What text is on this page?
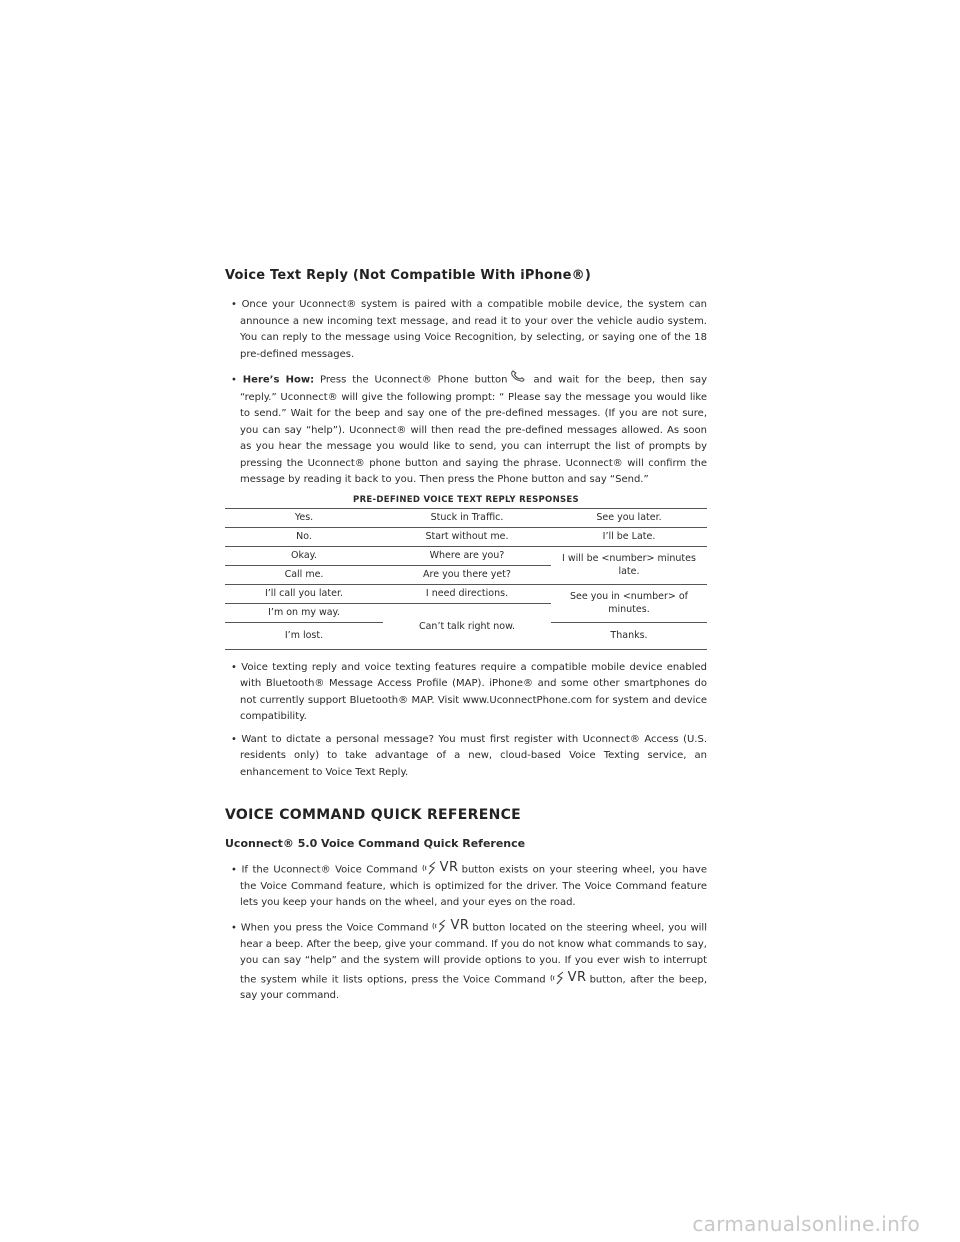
Voice Text Reply (Not Compatible With iPhone®)

• Once your Uconnect® system is paired with a compatible mobile device, the system can announce a new incoming text message, and read it to your over the vehicle audio system. You can reply to the message using Voice Recognition, by selecting, or saying one of the 18 pre-defined messages.

• Here’s How: Press the Uconnect® Phone button	and wait for the beep, then say “reply.” Uconnect® will give the following prompt: “ Please say the message you would like to send.” Wait for the beep and say one of the pre-defined messages. (If you are not sure, you can say “help”). Uconnect® will then read the pre-defined messages allowed. As soon as you hear the message you would like to send, you can interrupt the list of prompts by pressing the Uconnect® phone button and saying the phrase. Uconnect® will confirm the message by reading it back to you. Then press the Phone button and say “Send.”

PRE-DEFINED VOICE TEXT REPLY RESPONSES
Yes.	Stuck in Traffic.	See you later.
No.	Start without me.	I’ll be Late.
Okay.	Where are you?	I will be <number> minutes late.
Call me.	Are you there yet?	
I’ll call you later.	I need directions.	See you in <number> of minutes.
I’m on my way.	Can’t talk right now.	
I’m lost.		Thanks.

• Voice texting reply and voice texting features require a compatible mobile device enabled with Bluetooth® Message Access Profile (MAP). iPhone® and some other smartphones do not currently support Bluetooth® MAP. Visit www.UconnectPhone.com for system and device compatibility.

• Want to dictate a personal message? You must first register with Uconnect® Access (U.S. residents only) to take advantage of a new, cloud-based Voice Texting service, an enhancement to Voice Text Reply.

VOICE COMMAND QUICK REFERENCE
Uconnect® 5.0 Voice Command Quick Reference

• If the Uconnect® Voice Command VR button exists on your steering wheel, you have the Voice Command feature, which is optimized for the driver. The Voice Command feature lets you keep your hands on the wheel, and your eyes on the road.

• When you press the Voice Command VR button located on the steering wheel, you will hear a beep. After the beep, give your command. If you do not know what commands to say, you can say “help” and the system will provide options to you. If you ever wish to interrupt the system while it lists options, press the Voice Command VR button, after the beep, say your command.

carmanualsonline.info
